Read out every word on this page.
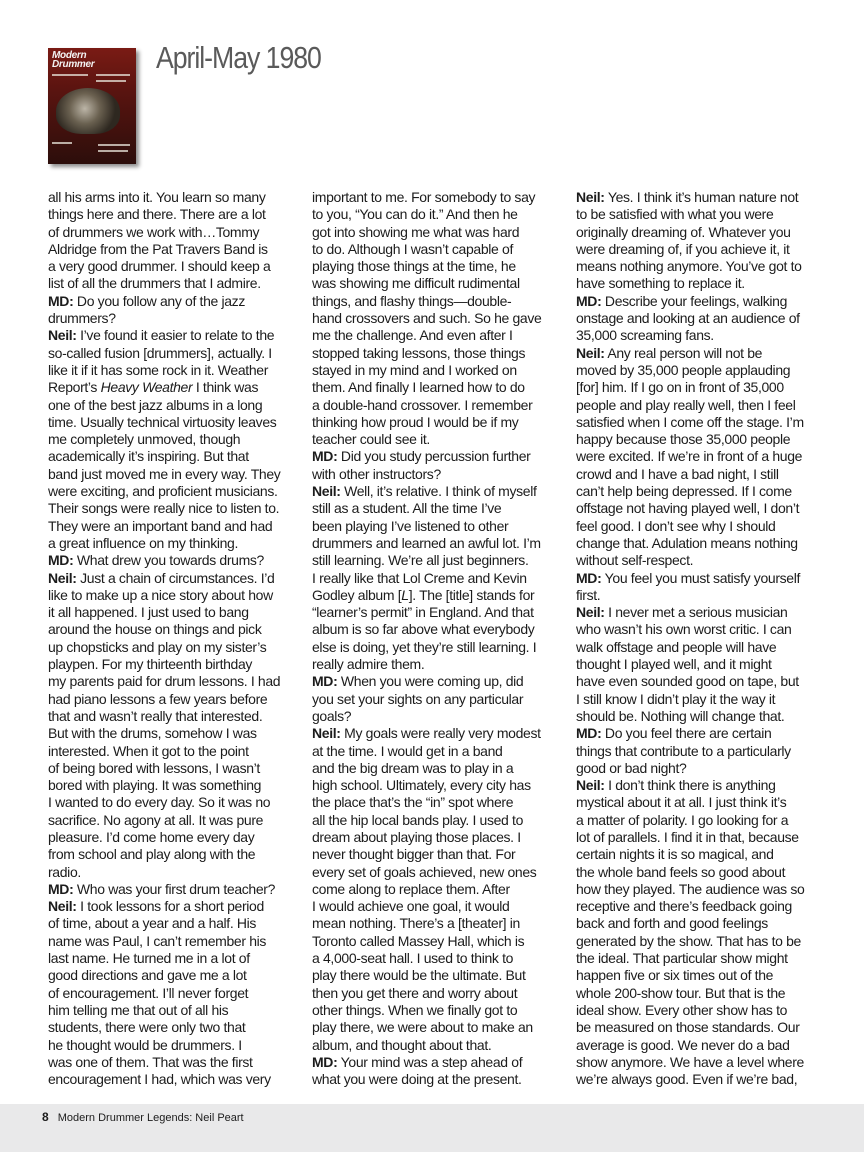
Modern
Drummer	April-May 1980

all his arms into it. You learn so many

things here and there. There are a lot

of drummers we work with…Tommy

Aldridge from the Pat Travers Band is

a very good drummer. I should keep a

list of all the drummers that I admire.

MD: Do you follow any of the jazz

drummers?

Neil: I’ve found it easier to relate to the

so-called fusion [drummers], actually. I

like it if it has some rock in it. Weather

Report’s Heavy Weather I think was

one of the best jazz albums in a long

time. Usually technical virtuosity leaves

me completely unmoved, though

academically it’s inspiring. But that

band just moved me in every way. They

were exciting, and proficient musicians.

Their songs were really nice to listen to.

They were an important band and had

a great influence on my thinking.

MD: What drew you towards drums?

Neil: Just a chain of circumstances. I’d

like to make up a nice story about how

it all happened. I just used to bang

around the house on things and pick

up chopsticks and play on my sister’s

playpen. For my thirteenth birthday

my parents paid for drum lessons. I had

had piano lessons a few years before

that and wasn’t really that interested.

But with the drums, somehow I was

interested. When it got to the point

of being bored with lessons, I wasn’t

bored with playing. It was something

I wanted to do every day. So it was no

sacrifice. No agony at all. It was pure

pleasure. I’d come home every day

from school and play along with the

radio.

MD: Who was your first drum teacher?

Neil: I took lessons for a short period

of time, about a year and a half. His

name was Paul, I can’t remember his

last name. He turned me in a lot of

good directions and gave me a lot

of encouragement. I’ll never forget

him telling me that out of all his

students, there were only two that

he thought would be drummers. I

was one of them. That was the first

encouragement I had, which was very

important to me. For somebody to say

to you, “You can do it.” And then he

got into showing me what was hard

to do. Although I wasn’t capable of

playing those things at the time, he

was showing me difficult rudimental

things, and flashy things—double-

hand crossovers and such. So he gave

me the challenge. And even after I

stopped taking lessons, those things

stayed in my mind and I worked on

them. And finally I learned how to do

a double-hand crossover. I remember

thinking how proud I would be if my

teacher could see it.

MD: Did you study percussion further

with other instructors?

Neil: Well, it’s relative. I think of myself

still as a student. All the time I’ve

been playing I’ve listened to other

drummers and learned an awful lot. I’m

still learning. We’re all just beginners.

I really like that Lol Creme and Kevin

Godley album [L]. The [title] stands for

“learner’s permit” in England. And that

album is so far above what everybody

else is doing, yet they’re still learning. I

really admire them.

MD: When you were coming up, did

you set your sights on any particular

goals?

Neil: My goals were really very modest

at the time. I would get in a band

and the big dream was to play in a

high school. Ultimately, every city has

the place that’s the “in” spot where

all the hip local bands play. I used to

dream about playing those places. I

never thought bigger than that. For

every set of goals achieved, new ones

come along to replace them. After

I would achieve one goal, it would

mean nothing. There’s a [theater] in

Toronto called Massey Hall, which is

a 4,000-seat hall. I used to think to

play there would be the ultimate. But

then you get there and worry about

other things. When we finally got to

play there, we were about to make an

album, and thought about that.

MD: Your mind was a step ahead of

what you were doing at the present.

Neil: Yes. I think it’s human nature not

to be satisfied with what you were

originally dreaming of. Whatever you

were dreaming of, if you achieve it, it

means nothing anymore. You’ve got to

have something to replace it.

MD: Describe your feelings, walking

onstage and looking at an audience of

35,000 screaming fans.

Neil: Any real person will not be

moved by 35,000 people applauding

[for] him. If I go on in front of 35,000

people and play really well, then I feel

satisfied when I come off the stage. I’m

happy because those 35,000 people

were excited. If we’re in front of a huge

crowd and I have a bad night, I still

can’t help being depressed. If I come

offstage not having played well, I don’t

feel good. I don’t see why I should

change that. Adulation means nothing

without self-respect.

MD: You feel you must satisfy yourself

first.

Neil: I never met a serious musician

who wasn’t his own worst critic. I can

walk offstage and people will have

thought I played well, and it might

have even sounded good on tape, but

I still know I didn’t play it the way it

should be. Nothing will change that.

MD: Do you feel there are certain

things that contribute to a particularly

good or bad night?

Neil: I don’t think there is anything

mystical about it at all. I just think it’s

a matter of polarity. I go looking for a

lot of parallels. I find it in that, because

certain nights it is so magical, and

the whole band feels so good about

how they played. The audience was so

receptive and there’s feedback going

back and forth and good feelings

generated by the show. That has to be

the ideal. That particular show might

happen five or six times out of the

whole 200-show tour. But that is the

ideal show. Every other show has to

be measured on those standards. Our

average is good. We never do a bad

show anymore. We have a level where

we’re always good. Even if we’re bad,

8 Modern Drummer Legends: Neil Peart
